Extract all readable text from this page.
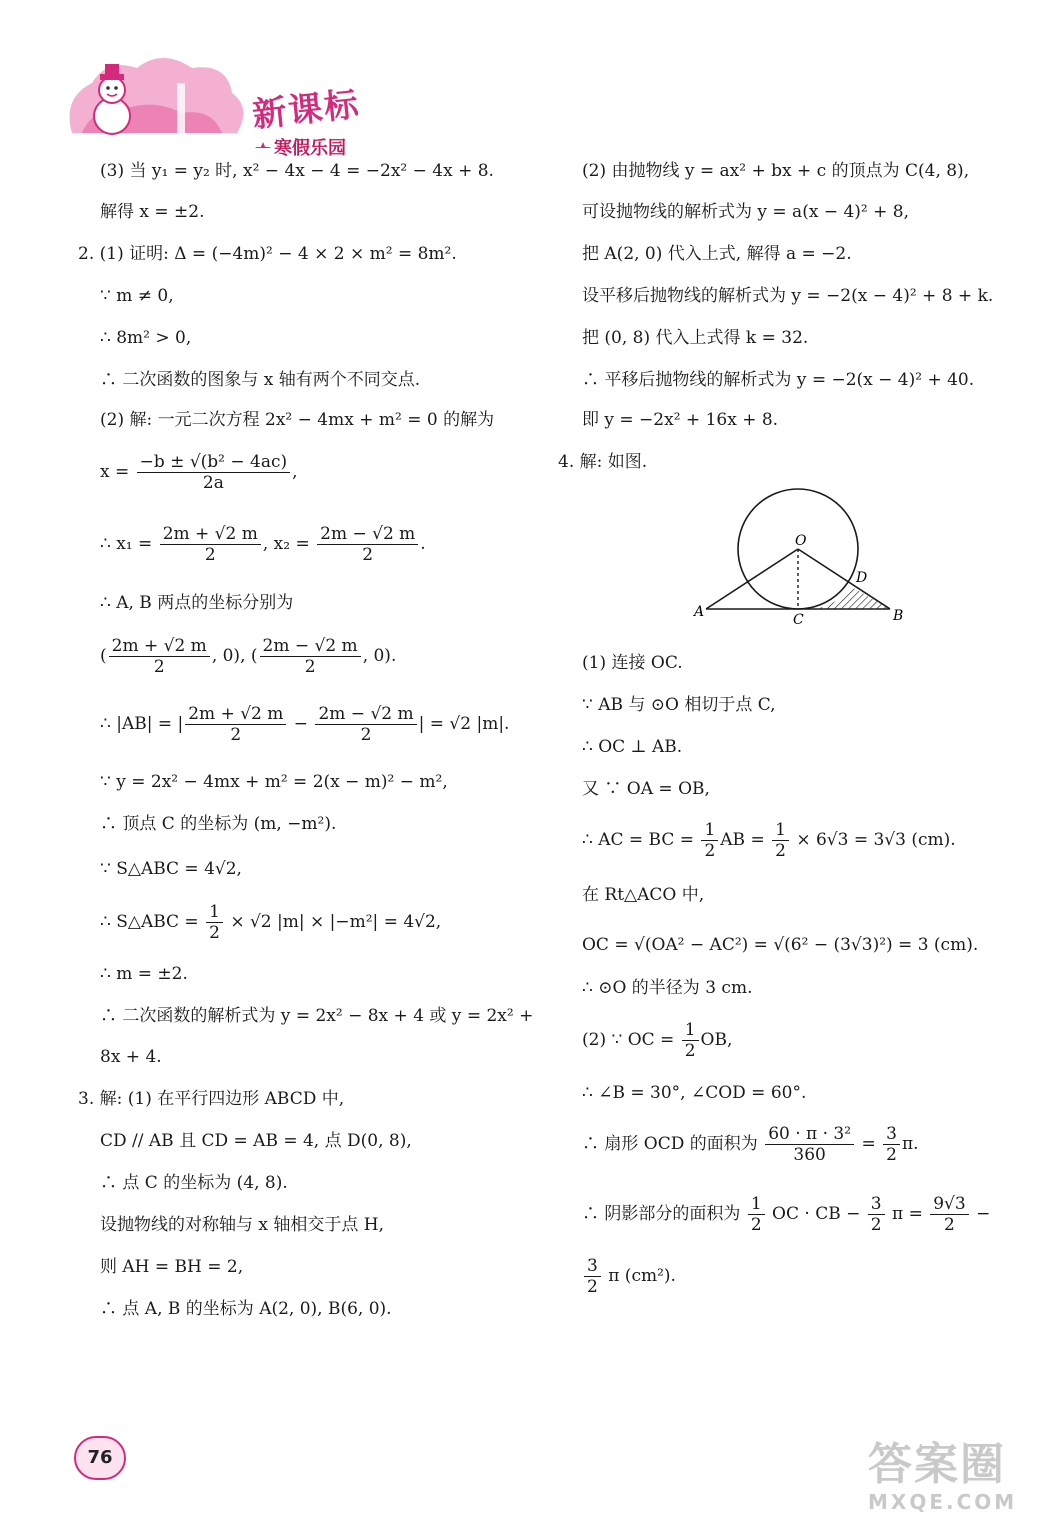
新课标
寒假乐园
(3) 当 y₁ = y₂ 时, x² − 4x − 4 = −2x² − 4x + 8.
解得 x = ±2.
2. (1) 证明: Δ = (−4m)² − 4 × 2 × m² = 8m².
∵ m ≠ 0,
∴ 8m² > 0,
∴ 二次函数的图象与 x 轴有两个不同交点.
(2) 解: 一元二次方程 2x² − 4mx + m² = 0 的解为
$x = \frac{\text{−b ± √(b² − 4ac)}}{2a}$ ,
∴ $x_1 = \frac{2m + √2 m}{2}$ , $x_2 = \frac{2m - √2 m}{2}$ .
∴ A, B 两点的坐标分别为
( $\frac{2m + √2 m}{2}$ , 0), ( $\frac{2m - √2 m}{2}$ , 0).
∴ |AB| = | $\frac{2m + √2 m}{2} - \frac{2m - √2 m}{2}$ | = √2 |m|.
∵ y = 2x² − 4mx + m² = 2(x − m)² − m²,
∴ 顶点 C 的坐标为 (m, −m²).
∵ S△ABC = 4√2,
∴ S△ABC = $\frac{1}{2} \times √2$ |m| × |−m²| = 4√2,
∴ m = ±2.
∴ 二次函数的解析式为 y = 2x² − 8x + 4 或 y = 2x² +
8x + 4.
3. 解: (1) 在平行四边形 ABCD 中,
CD // AB 且 CD = AB = 4, 点 D(0, 8),
∴ 点 C 的坐标为 (4, 8).
设抛物线的对称轴与 x 轴相交于点 H,
则 AH = BH = 2,
∴ 点 A, B 的坐标为 A(2, 0), B(6, 0).
(2) 由抛物线 y = ax² + bx + c 的顶点为 C(4, 8),
可设抛物线的解析式为 y = a(x − 4)² + 8,
把 A(2, 0) 代入上式, 解得 a = −2.
设平移后抛物线的解析式为 y = −2(x − 4)² + 8 + k.
把 (0, 8) 代入上式得 k = 32.
∴ 平移后抛物线的解析式为 y = −2(x − 4)² + 40.
即 y = −2x² + 16x + 8.
4. 解: 如图.
O
A	B
C
D
(1) 连接 OC.
∵ AB 与 ⊙O 相切于点 C,
∴ OC ⊥ AB.
又 ∵ OA = OB,
∴ AC = BC = $\frac{1}{2}$ AB = $\frac{1}{2} \times 6√3 = 3√3$ (cm).
在 Rt△ACO 中,
OC = √(OA² − AC²) = √(6² − (3√3)²) = 3 (cm).
∴ ⊙O 的半径为 3 cm.
(2) ∵ OC = $\frac{1}{2}$ OB,
∴ ∠B = 30°, ∠COD = 60°.
∴ 扇形 OCD 的面积为 $\frac{\text{60 · π · 3²}}{360} = \frac{3}{2} \pi$.
∴ 阴影部分的面积为 $\frac{1}{2}$ OC · CB − $\frac{3}{2}$ $\pi = \frac{9√3}{2}$ −
$\frac{3}{2}$ π (cm²).
76	答案圈
MXQE.COM
